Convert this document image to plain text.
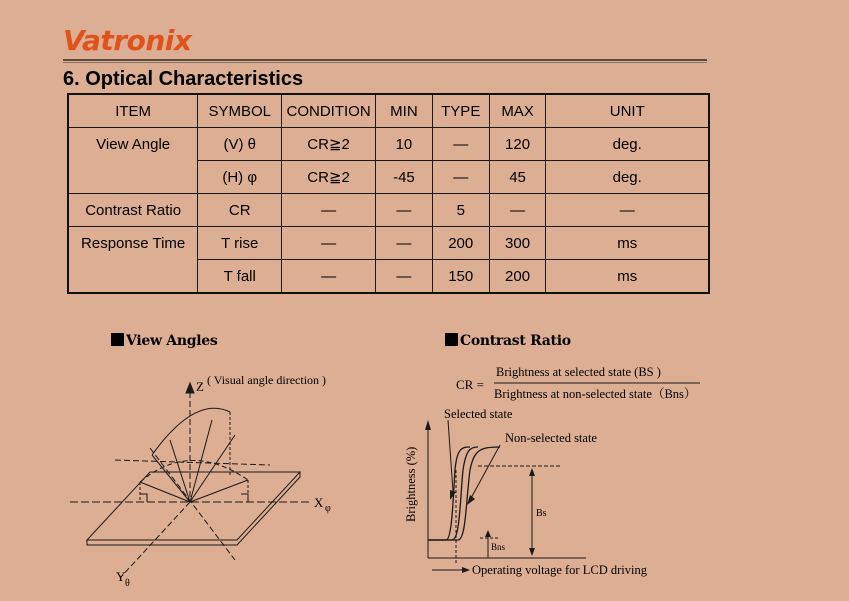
Vatronix
6. Optical Characteristics
ITEM	SYMBOL	CONDITION	MIN	TYPE	MAX	UNIT
View Angle	(V) θ	CR≧2	10	—	120	deg.
	(H) φ	CR≧2	-45	—	45	deg.
Contrast Ratio	CR	—	—	5	—	—
Response Time	T rise	—	—	200	300	ms
	T fall	—	—	150	200	ms
View Angles	Contrast Ratio
Z ( Visual angle direction )
X φ
Y θ
CR =
Brightness at selected state (BS )
Brightness at non-selected state（Bns）
Selected state
Non-selected state
Brightness (%)
Operating voltage for LCD driving
Bs
Bns
